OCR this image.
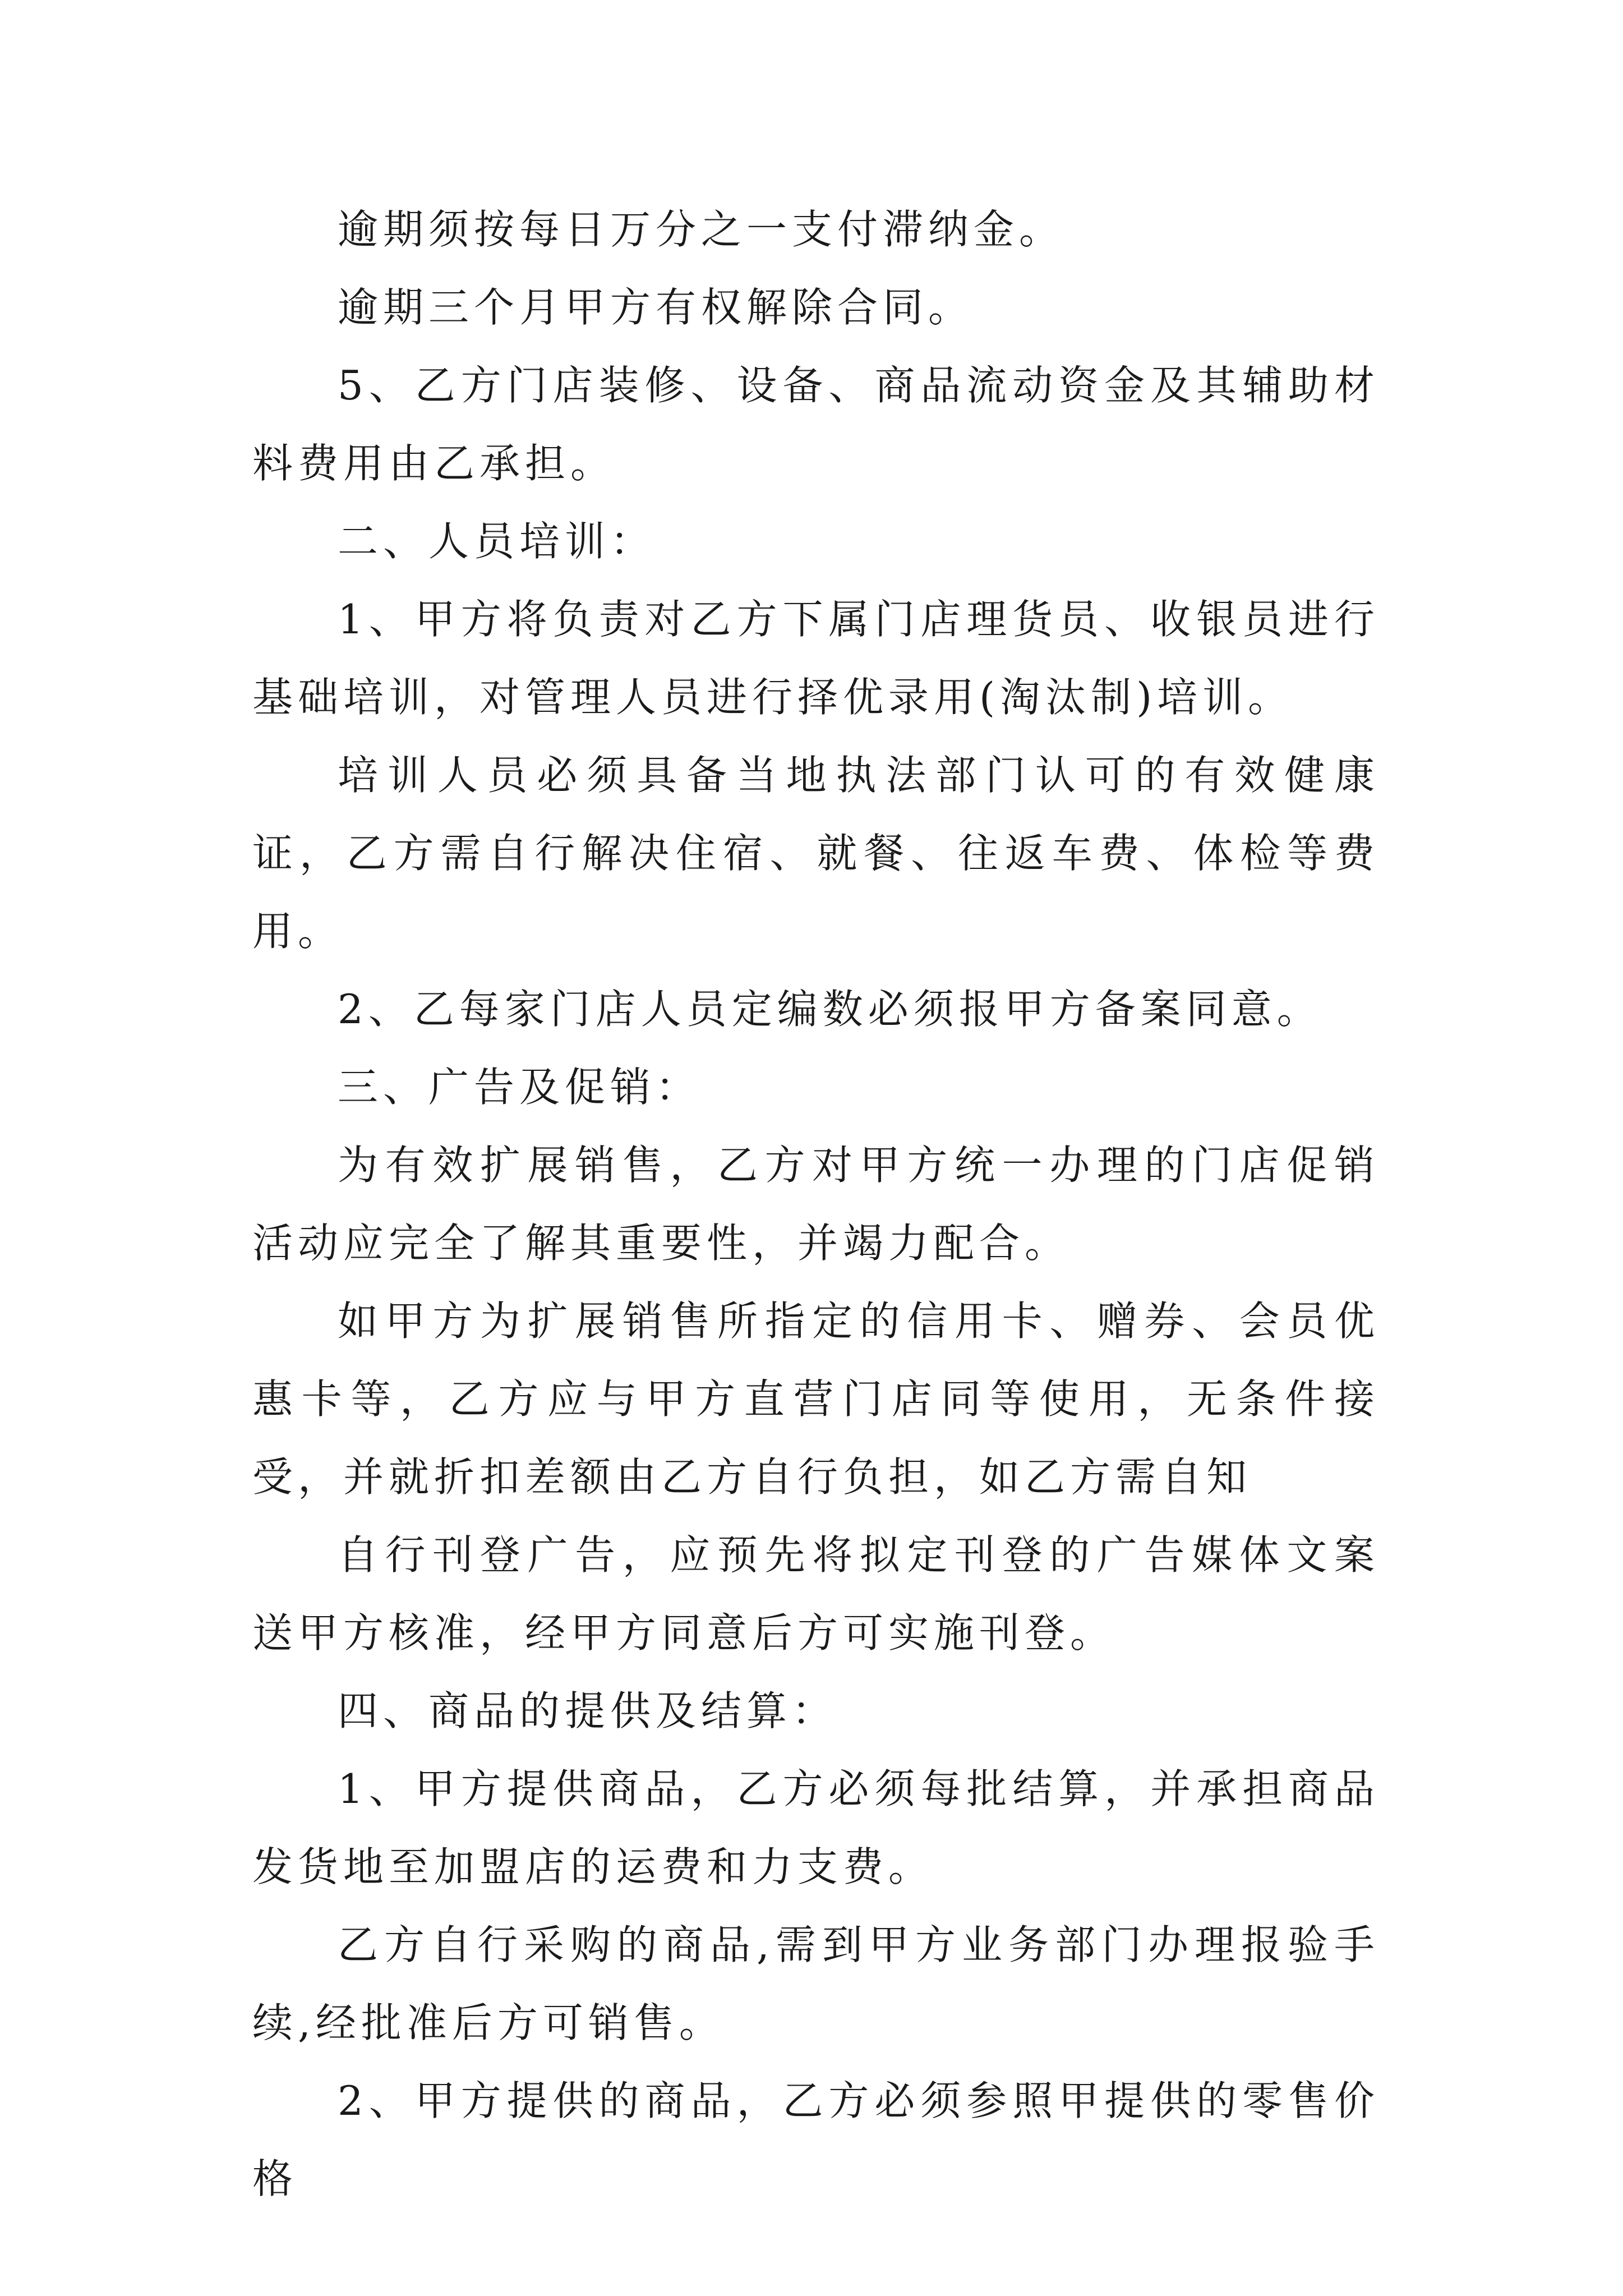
逾期须按每日万分之一支付滞纳金。

逾期三个月甲方有权解除合同。

5、乙方门店装修、设备、商品流动资金及其辅助材料费用由乙承担。

二、人员培训：

1、甲方将负责对乙方下属门店理货员、收银员进行基础培训，对管理人员进行择优录用(淘汰制)培训。

培训人员必须具备当地执法部门认可的有效健康证，乙方需自行解决住宿、就餐、往返车费、体检等费用。

2、乙每家门店人员定编数必须报甲方备案同意。

三、广告及促销：

为有效扩展销售，乙方对甲方统一办理的门店促销活动应完全了解其重要性，并竭力配合。

如甲方为扩展销售所指定的信用卡、赠券、会员优惠卡等，乙方应与甲方直营门店同等使用，无条件接受，并就折扣差额由乙方自行负担，如乙方需自知

自行刊登广告，应预先将拟定刊登的广告媒体文案送甲方核准，经甲方同意后方可实施刊登。

四、商品的提供及结算：

1、甲方提供商品，乙方必须每批结算，并承担商品发货地至加盟店的运费和力支费。

乙方自行采购的商品,需到甲方业务部门办理报验手续,经批准后方可销售。

2、甲方提供的商品，乙方必须参照甲提供的零售价格
